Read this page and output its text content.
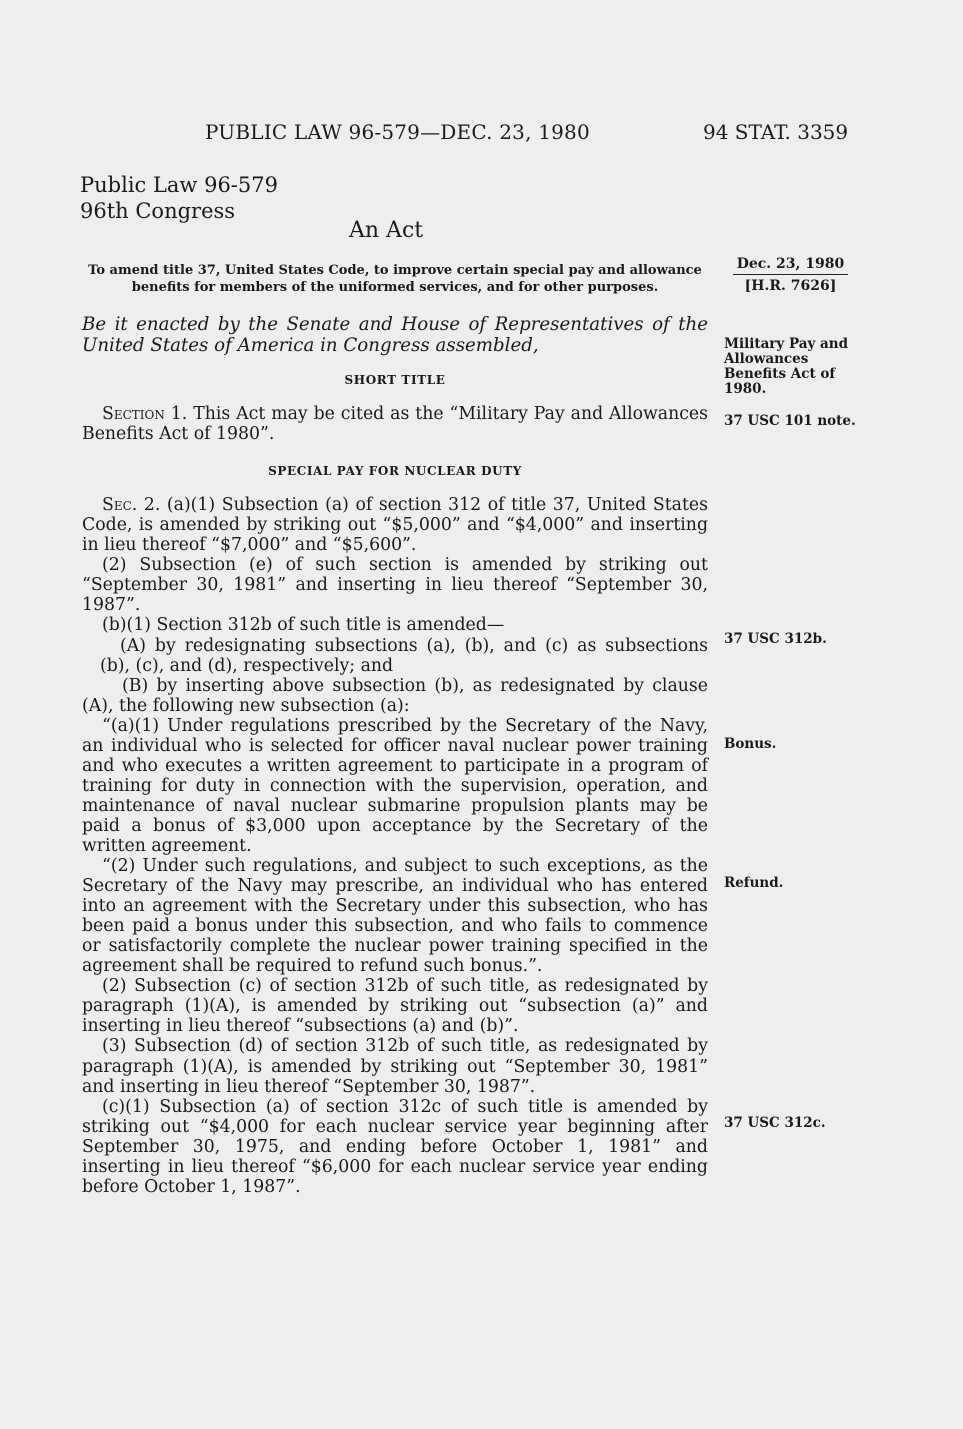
PUBLIC LAW 96-579—DEC. 23, 1980	94 STAT. 3359
Public Law 96-579
96th Congress
An Act
To amend title 37, United States Code, to improve certain special pay and allowance
benefits for members of the uniformed services, and for other purposes.
Dec. 23, 1980
[H.R. 7626]
Be it enacted by the Senate and House of Representatives of the United States of America in Congress assembled,	Military Pay and Allowances Benefits Act of 1980.

SHORT TITLE

Section 1. This Act may be cited as the “Military Pay and Allowances Benefits Act of 1980”.

SPECIAL PAY FOR NUCLEAR DUTY

Sec. 2. (a)(1) Subsection (a) of section 312 of title 37, United States Code, is amended by striking out “$5,000” and “$4,000” and inserting in lieu thereof “$7,000” and “$5,600”.

(2) Subsection (e) of such section is amended by striking out “September 30, 1981” and inserting in lieu thereof “September 30, 1987”.

(b)(1) Section 312b of such title is amended—

(A) by redesignating subsections (a), (b), and (c) as subsections (b), (c), and (d), respectively; and

(B) by inserting above subsection (b), as redesignated by clause (A), the following new subsection (a):

“(a)(1) Under regulations prescribed by the Secretary of the Navy, an individual who is selected for officer naval nuclear power training and who executes a written agreement to participate in a program of training for duty in connection with the supervision, operation, and maintenance of naval nuclear submarine propulsion plants may be paid a bonus of $3,000 upon acceptance by the Secretary of the written agreement.

“(2) Under such regulations, and subject to such exceptions, as the Secretary of the Navy may prescribe, an individual who has entered into an agreement with the Secretary under this subsection, who has been paid a bonus under this subsection, and who fails to commence or satisfactorily complete the nuclear power training specified in the agreement shall be required to refund such bonus.”.

(2) Subsection (c) of section 312b of such title, as redesignated by paragraph (1)(A), is amended by striking out “subsection (a)” and inserting in lieu thereof “subsections (a) and (b)”.

(3) Subsection (d) of section 312b of such title, as redesignated by paragraph (1)(A), is amended by striking out “September 30, 1981” and inserting in lieu thereof “September 30, 1987”.

(c)(1) Subsection (a) of section 312c of such title is amended by striking out “$4,000 for each nuclear service year beginning after September 30, 1975, and ending before October 1, 1981” and inserting in lieu thereof “$6,000 for each nuclear service year ending before October 1, 1987”.

37 USC 101 note.
37 USC 312b.
Bonus.
Refund.
37 USC 312c.
